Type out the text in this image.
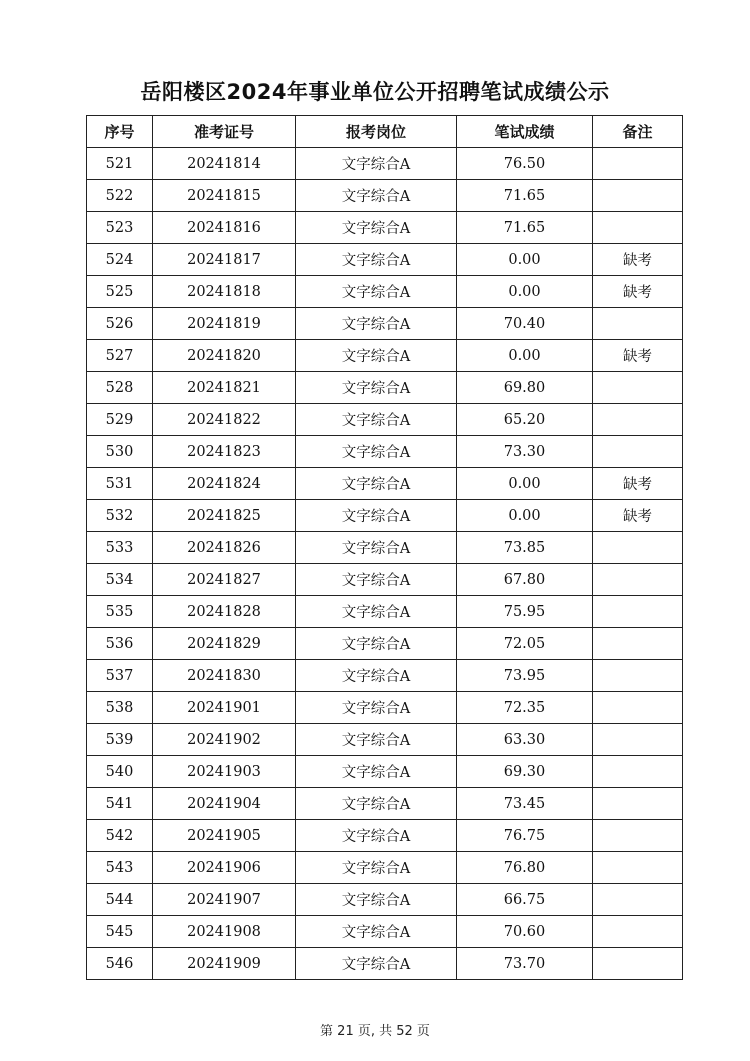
岳阳楼区2024年事业单位公开招聘笔试成绩公示
序号	准考证号	报考岗位	笔试成绩	备注
521	20241814	文字综合A	76.50	
522	20241815	文字综合A	71.65	
523	20241816	文字综合A	71.65	
524	20241817	文字综合A	0.00	缺考
525	20241818	文字综合A	0.00	缺考
526	20241819	文字综合A	70.40	
527	20241820	文字综合A	0.00	缺考
528	20241821	文字综合A	69.80	
529	20241822	文字综合A	65.20	
530	20241823	文字综合A	73.30	
531	20241824	文字综合A	0.00	缺考
532	20241825	文字综合A	0.00	缺考
533	20241826	文字综合A	73.85	
534	20241827	文字综合A	67.80	
535	20241828	文字综合A	75.95	
536	20241829	文字综合A	72.05	
537	20241830	文字综合A	73.95	
538	20241901	文字综合A	72.35	
539	20241902	文字综合A	63.30	
540	20241903	文字综合A	69.30	
541	20241904	文字综合A	73.45	
542	20241905	文字综合A	76.75	
543	20241906	文字综合A	76.80	
544	20241907	文字综合A	66.75	
545	20241908	文字综合A	70.60	
546	20241909	文字综合A	73.70	
第 21 页, 共 52 页
